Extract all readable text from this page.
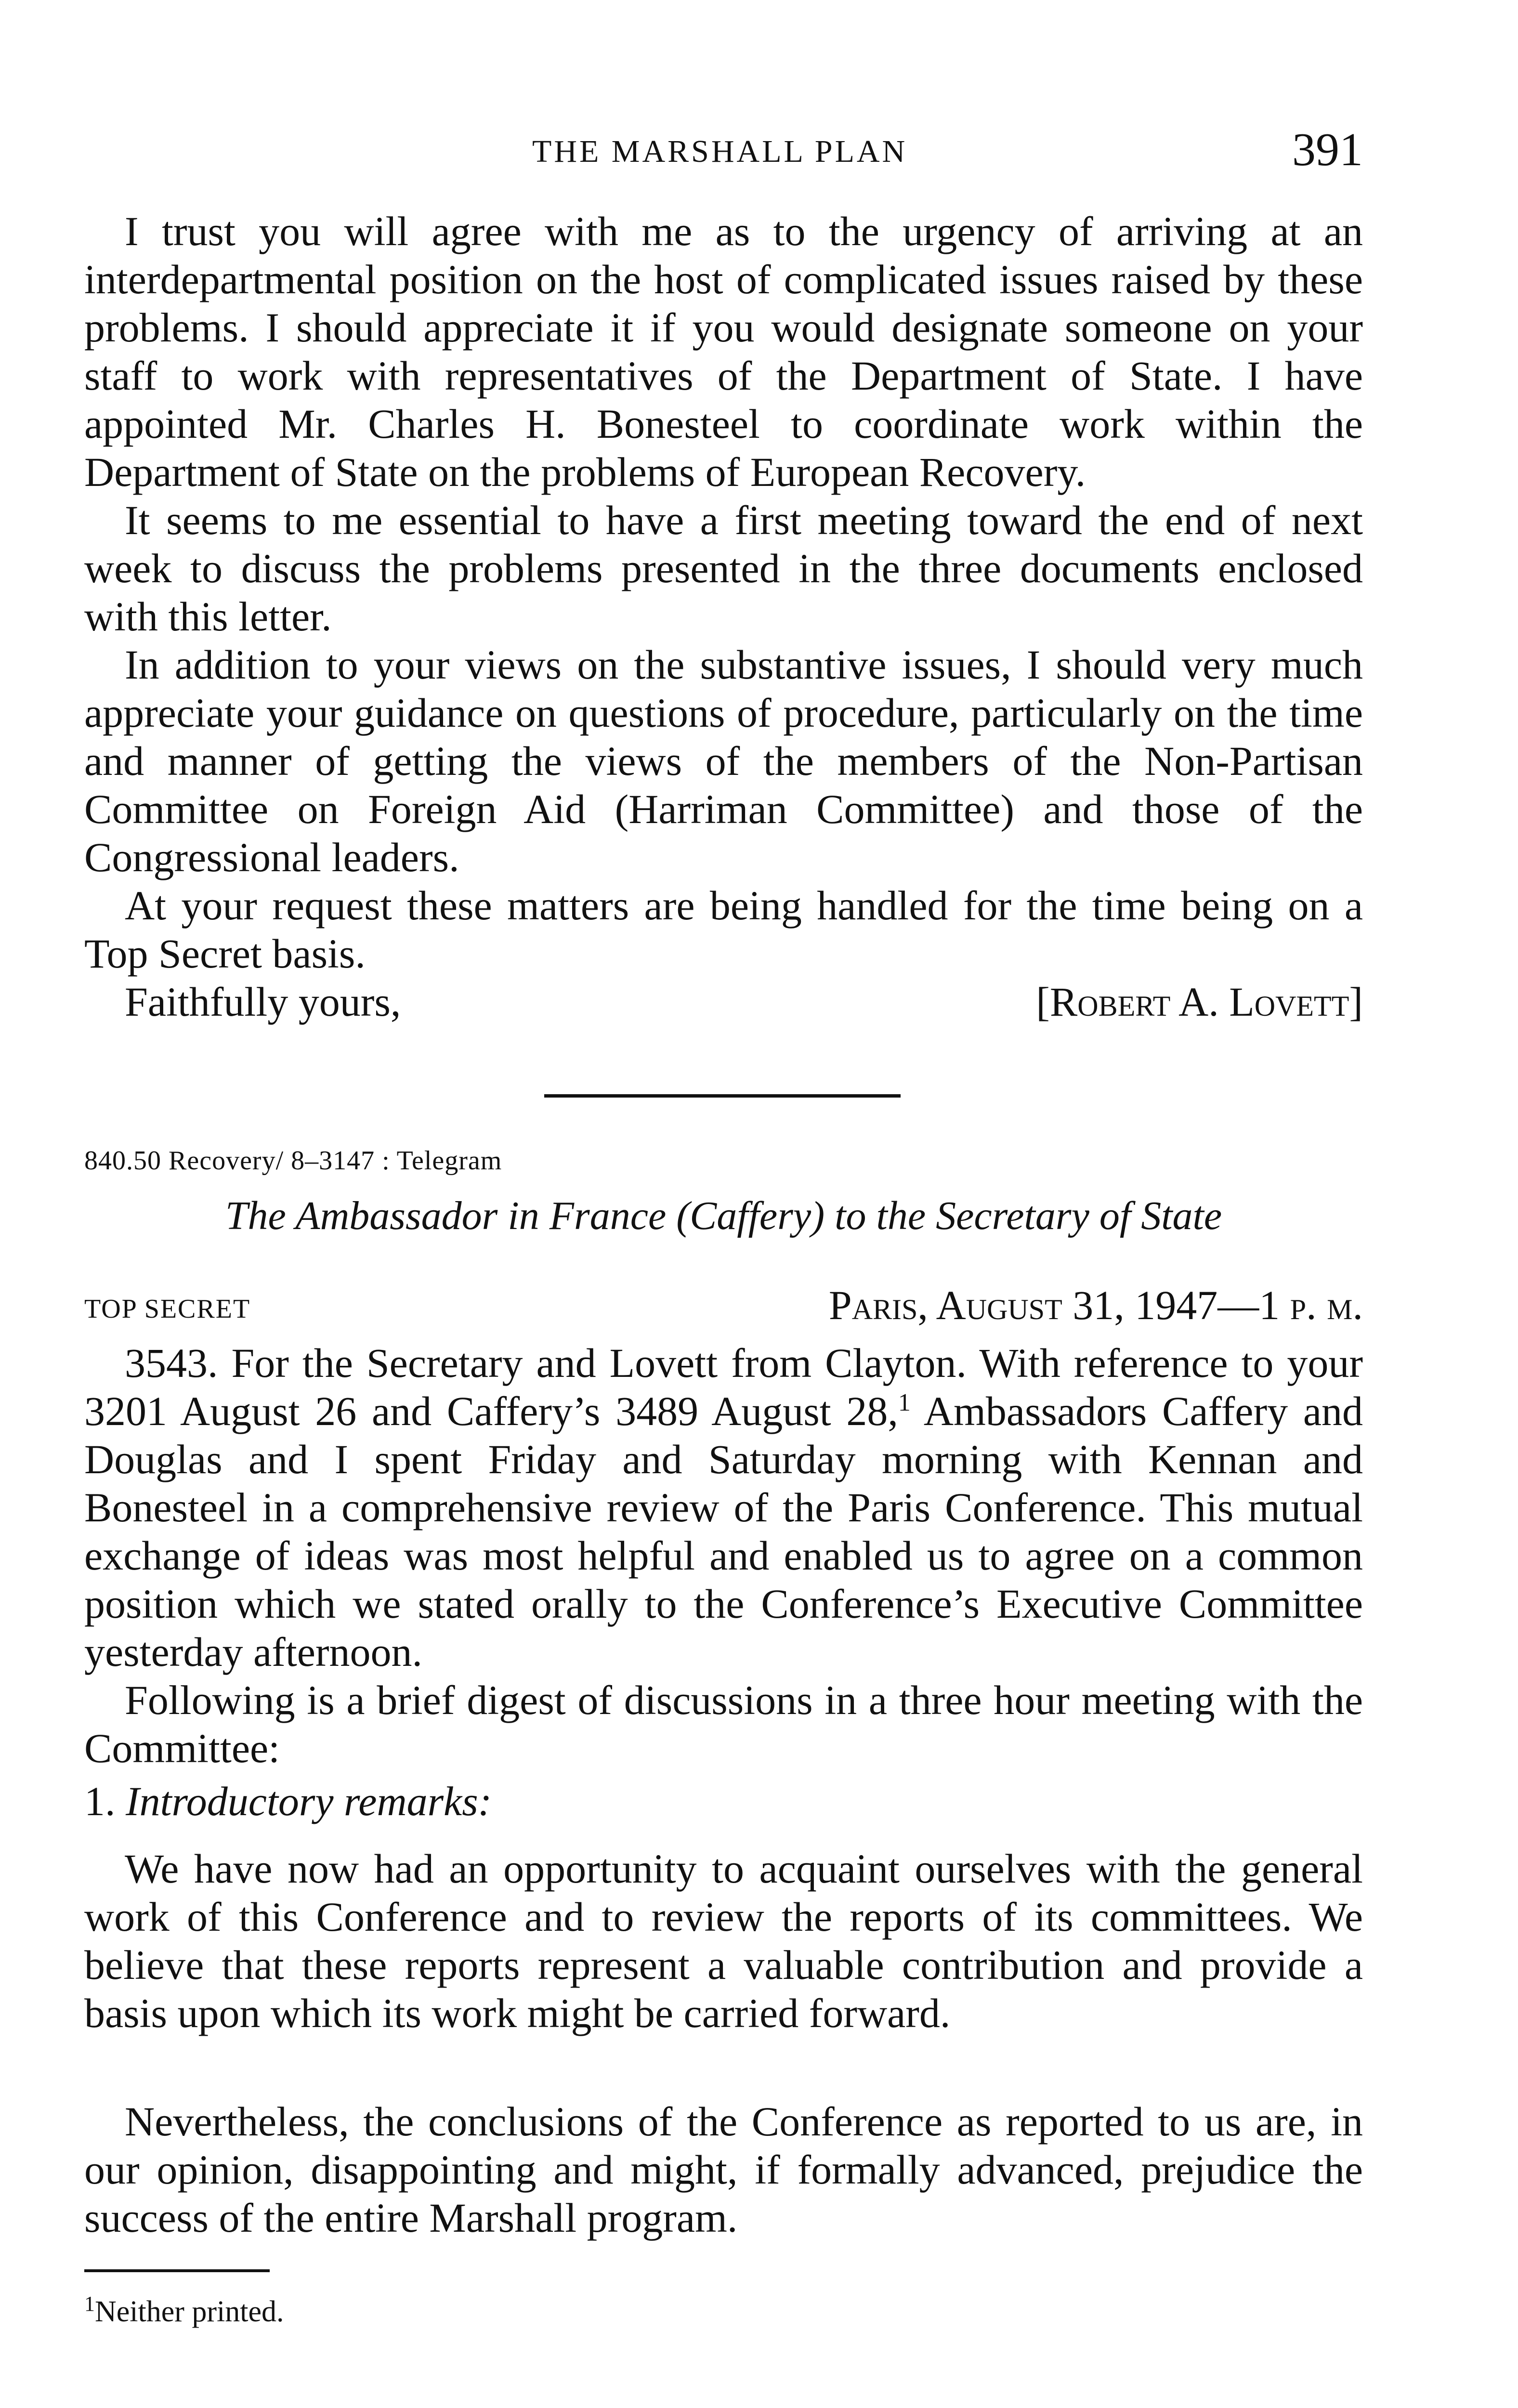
THE MARSHALL PLAN	391

I trust you will agree with me as to the urgency of arriving at an interdepartmental position on the host of complicated issues raised by these problems. I should appreciate it if you would designate someone on your staff to work with representatives of the Department of State. I have appointed Mr. Charles H. Bonesteel to coordinate work within the Department of State on the problems of European Recovery.

It seems to me essential to have a first meeting toward the end of next week to discuss the problems presented in the three documents enclosed with this letter.

In addition to your views on the substantive issues, I should very much appreciate your guidance on questions of procedure, particularly on the time and manner of getting the views of the members of the Non-Partisan Committee on Foreign Aid (Harriman Committee) and those of the Congressional leaders.

At your request these matters are being handled for the time being on a Top Secret basis.

Faithfully yours,	[Robert A. Lovett]
840.50 Recovery/ 8–3147 : Telegram
The Ambassador in France (Caffery) to the Secretary of State
TOP SECRET	Paris, August 31, 1947—1 p. m.

3543. For the Secretary and Lovett from Clayton. With reference to your 3201 August 26 and Caffery’s 3489 August 28,$^1$ Ambassadors Caffery and Douglas and I spent Friday and Saturday morning with Kennan and Bonesteel in a comprehensive review of the Paris Conference. This mutual exchange of ideas was most helpful and enabled us to agree on a common position which we stated orally to the Conference’s Executive Committee yesterday afternoon.

Following is a brief digest of discussions in a three hour meeting with the Committee:

1. Introductory remarks:

We have now had an opportunity to acquaint ourselves with the general work of this Conference and to review the reports of its committees. We believe that these reports represent a valuable contribution and provide a basis upon which its work might be carried forward.

Nevertheless, the conclusions of the Conference as reported to us are, in our opinion, disappointing and might, if formally advanced, prejudice the success of the entire Marshall program.

$^1$Neither printed.
